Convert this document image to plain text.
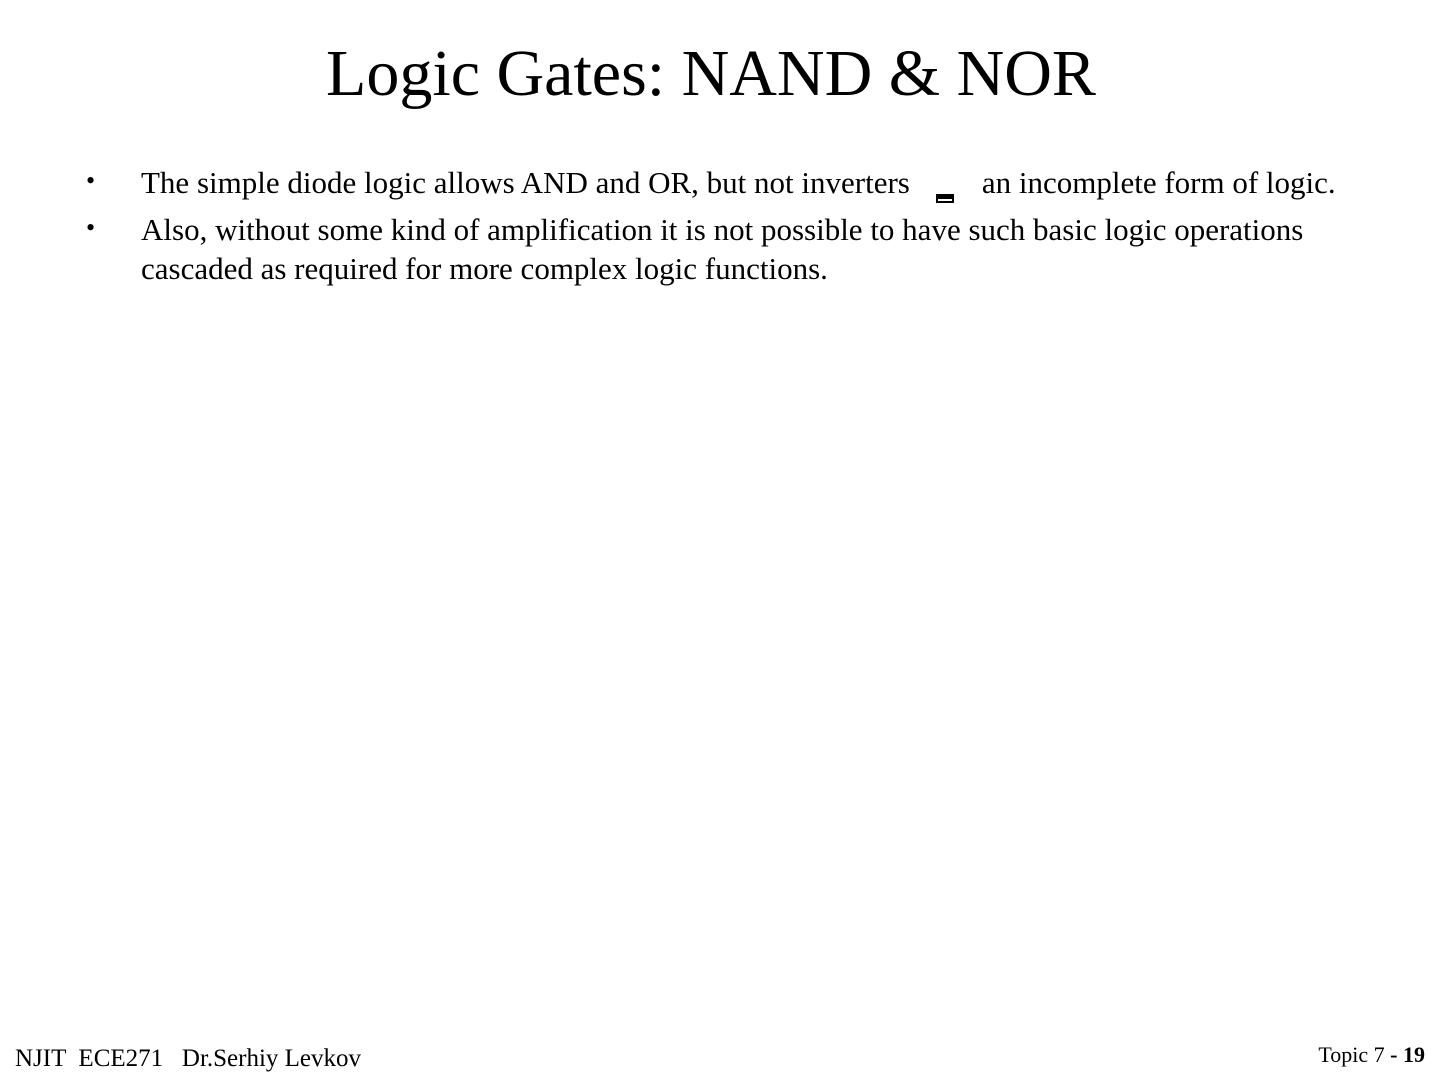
Logic Gates: NAND & NOR
• The simple diode logic allows AND and OR, but not inverters an incomplete form of logic.
• Also, without some kind of amplification it is not possible to have such basic logic operations cascaded as required for more complex logic functions.
NJIT  ECE271   Dr.Serhiy Levkov	Topic 7 - 19
